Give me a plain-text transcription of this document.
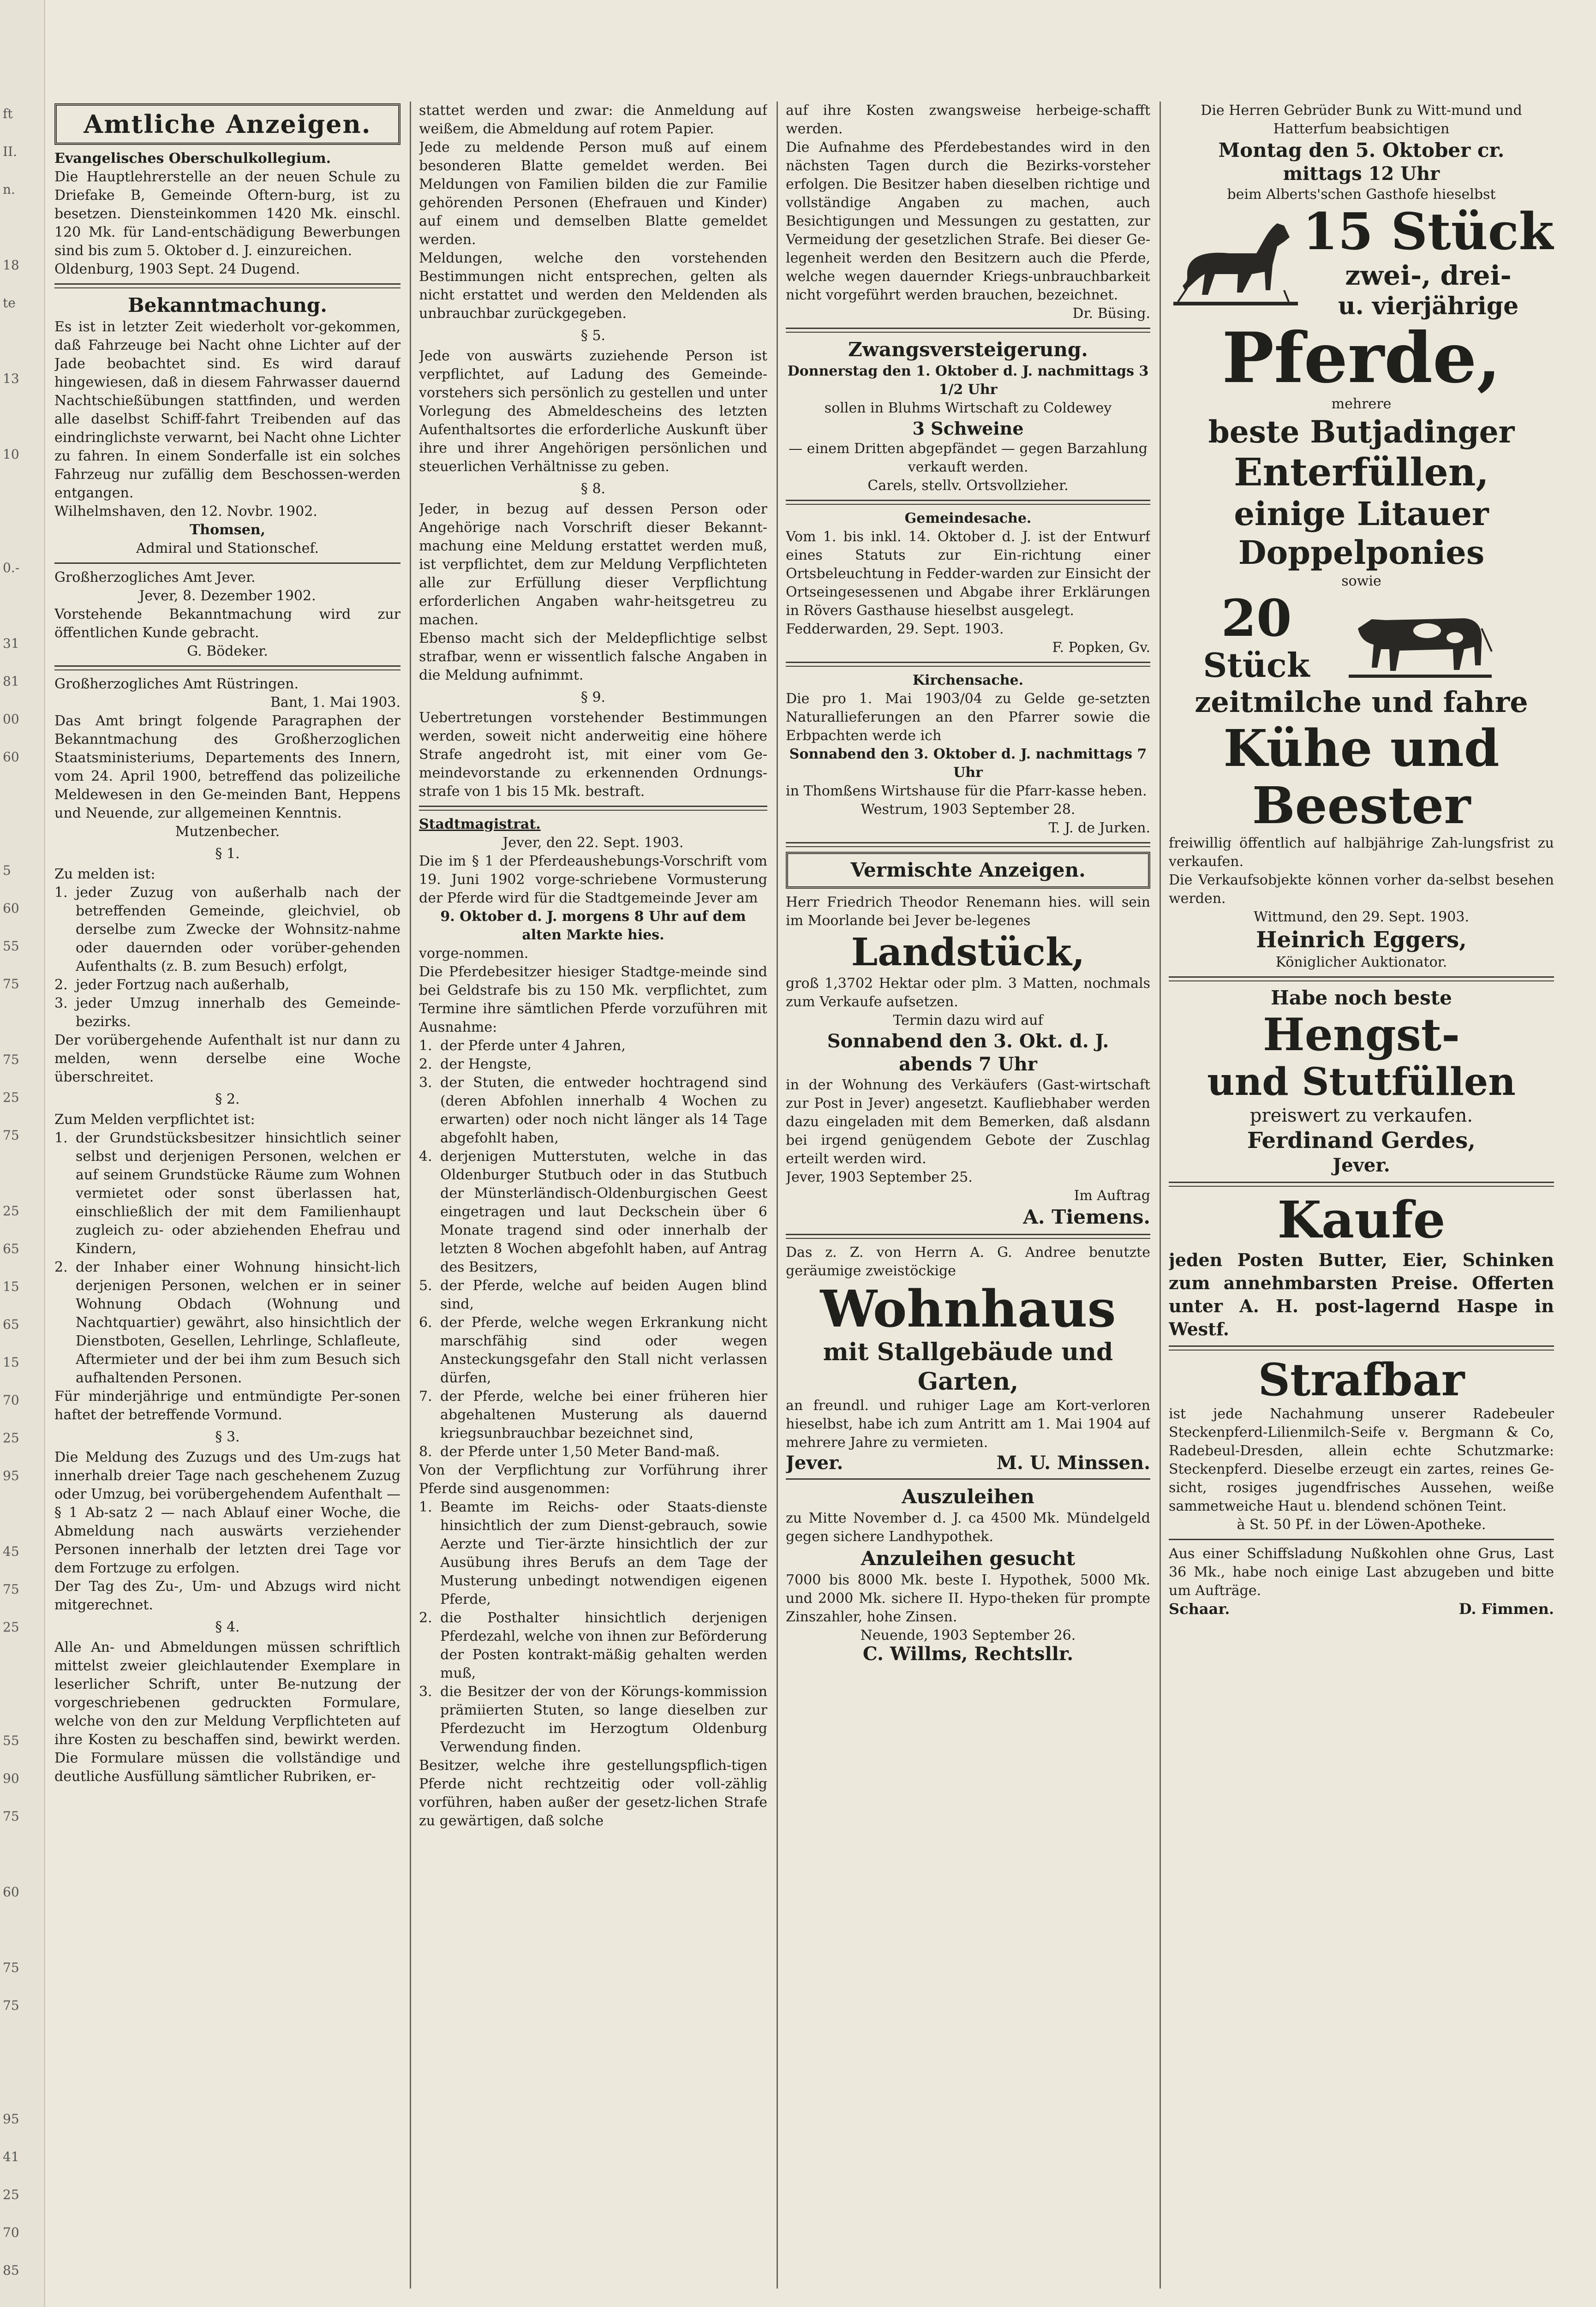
ft
II.
n.
18
te
13
10
0.-
31
81
00
60
5
60
55
75
75
25
75
25
65
15
65
15
70
25
95
45
75
25
55
90
75
60
75
75
95
41
25
70
85
Amtliche Anzeigen.

Evangelisches Oberschulkollegium.

Die Hauptlehrerstelle an der neuen Schule zu Driefake B, Gemeinde Oftern-burg, ist zu besetzen. Diensteinkommen 1420 Mk. einschl. 120 Mk. für Land-entschädigung Bewerbungen sind bis zum 5. Oktober d. J. einzureichen.

Oldenburg, 1903 Sept. 24 Dugend.

Bekanntmachung.

Es ist in letzter Zeit wiederholt vor-gekommen, daß Fahrzeuge bei Nacht ohne Lichter auf der Jade beobachtet sind. Es wird darauf hingewiesen, daß in diesem Fahrwasser dauernd Nachtschießübungen stattfinden, und werden alle daselbst Schiff-fahrt Treibenden auf das eindringlichste verwarnt, bei Nacht ohne Lichter zu fahren. In einem Sonderfalle ist ein solches Fahrzeug nur zufällig dem Beschossen-werden entgangen.

Wilhelmshaven, den 12. Novbr. 1902.

Thomsen,

Admiral und Stationschef.

Großherzogliches Amt Jever.

Jever, 8. Dezember 1902.

Vorstehende Bekanntmachung wird zur öffentlichen Kunde gebracht.

G. Bödeker.

Großherzogliches Amt Rüstringen.

Bant, 1. Mai 1903.

Das Amt bringt folgende Paragraphen der Bekanntmachung des Großherzoglichen Staatsministeriums, Departements des Innern, vom 24. April 1900, betreffend das polizeiliche Meldewesen in den Ge-meinden Bant, Heppens und Neuende, zur allgemeinen Kenntnis.

Mutzenbecher.

§ 1.

Zu melden ist:

1. jeder Zuzug von außerhalb nach der betreffenden Gemeinde, gleichviel, ob derselbe zum Zwecke der Wohnsitz-nahme oder dauernden oder vorüber-gehenden Aufenthalts (z. B. zum Besuch) erfolgt,
2. jeder Fortzug nach außerhalb,
3. jeder Umzug innerhalb des Gemeinde-bezirks.

Der vorübergehende Aufenthalt ist nur dann zu melden, wenn derselbe eine Woche überschreitet.

§ 2.

Zum Melden verpflichtet ist:

1. der Grundstücksbesitzer hinsichtlich seiner selbst und derjenigen Personen, welchen er auf seinem Grundstücke Räume zum Wohnen vermietet oder sonst überlassen hat, einschließlich der mit dem Familienhaupt zugleich zu- oder abziehenden Ehefrau und Kindern,
2. der Inhaber einer Wohnung hinsicht-lich derjenigen Personen, welchen er in seiner Wohnung Obdach (Wohnung und Nachtquartier) gewährt, also hinsichtlich der Dienstboten, Gesellen, Lehrlinge, Schlafleute, Aftermieter und der bei ihm zum Besuch sich aufhaltenden Personen.

Für minderjährige und entmündigte Per-sonen haftet der betreffende Vormund.

§ 3.

Die Meldung des Zuzugs und des Um-zugs hat innerhalb dreier Tage nach geschehenem Zuzug oder Umzug, bei vorübergehendem Aufenthalt — § 1 Ab-satz 2 — nach Ablauf einer Woche, die Abmeldung nach auswärts verziehender Personen innerhalb der letzten drei Tage vor dem Fortzuge zu erfolgen.

Der Tag des Zu-, Um- und Abzugs wird nicht mitgerechnet.

§ 4.

Alle An- und Abmeldungen müssen schriftlich mittelst zweier gleichlautender Exemplare in leserlicher Schrift, unter Be-nutzung der vorgeschriebenen gedruckten Formulare, welche von den zur Meldung Verpflichteten auf ihre Kosten zu beschaffen sind, bewirkt werden. Die Formulare müssen die vollständige und deutliche Ausfüllung sämtlicher Rubriken, er-

stattet werden und zwar: die Anmeldung auf weißem, die Abmeldung auf rotem Papier.

Jede zu meldende Person muß auf einem besonderen Blatte gemeldet werden. Bei Meldungen von Familien bilden die zur Familie gehörenden Personen (Ehefrauen und Kinder) auf einem und demselben Blatte gemeldet werden.

Meldungen, welche den vorstehenden Bestimmungen nicht entsprechen, gelten als nicht erstattet und werden den Meldenden als unbrauchbar zurückgegeben.

§ 5.

Jede von auswärts zuziehende Person ist verpflichtet, auf Ladung des Gemeinde-vorstehers sich persönlich zu gestellen und unter Vorlegung des Abmeldescheins des letzten Aufenthaltsortes die erforderliche Auskunft über ihre und ihrer Angehörigen persönlichen und steuerlichen Verhältnisse zu geben.

§ 8.

Jeder, in bezug auf dessen Person oder Angehörige nach Vorschrift dieser Bekannt-machung eine Meldung erstattet werden muß, ist verpflichtet, dem zur Meldung Verpflichteten alle zur Erfüllung dieser Verpflichtung erforderlichen Angaben wahr-heitsgetreu zu machen.

Ebenso macht sich der Meldepflichtige selbst strafbar, wenn er wissentlich falsche Angaben in die Meldung aufnimmt.

§ 9.

Uebertretungen vorstehender Bestimmungen werden, soweit nicht anderweitig eine höhere Strafe angedroht ist, mit einer vom Ge-meindevorstande zu erkennenden Ordnungs-strafe von 1 bis 15 Mk. bestraft.

Stadtmagistrat.

Jever, den 22. Sept. 1903.

Die im § 1 der Pferdeaushebungs-Vorschrift vom 19. Juni 1902 vorge-schriebene Vormusterung der Pferde wird für die Stadtgemeinde Jever am

9. Oktober d. J. morgens 8 Uhr auf dem alten Markte hies.

vorge-nommen.

Die Pferdebesitzer hiesiger Stadtge-meinde sind bei Geldstrafe bis zu 150 Mk. verpflichtet, zum Termine ihre sämtlichen Pferde vorzuführen mit Ausnahme:

1. der Pferde unter 4 Jahren,
2. der Hengste,
3. der Stuten, die entweder hochtragend sind (deren Abfohlen innerhalb 4 Wochen zu erwarten) oder noch nicht länger als 14 Tage abgefohlt haben,
4. derjenigen Mutterstuten, welche in das Oldenburger Stutbuch oder in das Stutbuch der Münsterländisch-Oldenburgischen Geest eingetragen und laut Deckschein über 6 Monate tragend sind oder innerhalb der letzten 8 Wochen abgefohlt haben, auf Antrag des Besitzers,
5. der Pferde, welche auf beiden Augen blind sind,
6. der Pferde, welche wegen Erkrankung nicht marschfähig sind oder wegen Ansteckungsgefahr den Stall nicht verlassen dürfen,
7. der Pferde, welche bei einer früheren hier abgehaltenen Musterung als dauernd kriegsunbrauchbar bezeichnet sind,
8. der Pferde unter 1,50 Meter Band-maß.

Von der Verpflichtung zur Vorführung ihrer Pferde sind ausgenommen:

1. Beamte im Reichs- oder Staats-dienste hinsichtlich der zum Dienst-gebrauch, sowie Aerzte und Tier-ärzte hinsichtlich der zur Ausübung ihres Berufs an dem Tage der Musterung unbedingt notwendigen eigenen Pferde,
2. die Posthalter hinsichtlich derjenigen Pferdezahl, welche von ihnen zur Beförderung der Posten kontrakt-mäßig gehalten werden muß,
3. die Besitzer der von der Körungs-kommission prämiierten Stuten, so lange dieselben zur Pferdezucht im Herzogtum Oldenburg Verwendung finden.

Besitzer, welche ihre gestellungspflich-tigen Pferde nicht rechtzeitig oder voll-zählig vorführen, haben außer der gesetz-lichen Strafe zu gewärtigen, daß solche

auf ihre Kosten zwangsweise herbeige-schafft werden.

Die Aufnahme des Pferdebestandes wird in den nächsten Tagen durch die Bezirks-vorsteher erfolgen. Die Besitzer haben dieselben richtige und vollständige Angaben zu machen, auch Besichtigungen und Messungen zu gestatten, zur Vermeidung der gesetzlichen Strafe. Bei dieser Ge-legenheit werden den Besitzern auch die Pferde, welche wegen dauernder Kriegs-unbrauchbarkeit nicht vorgeführt werden brauchen, bezeichnet.

Dr. Büsing.

Zwangsversteigerung.

Donnerstag den 1. Oktober d. J. nachmittags 3 1/2 Uhr

sollen in Bluhms Wirtschaft zu Coldewey

3 Schweine

— einem Dritten abgepfändet — gegen Barzahlung verkauft werden.

Carels, stellv. Ortsvollzieher.

Gemeindesache.

Vom 1. bis inkl. 14. Oktober d. J. ist der Entwurf eines Statuts zur Ein-richtung einer Ortsbeleuchtung in Fedder-warden zur Einsicht der Ortseingesessenen und Abgabe ihrer Erklärungen in Rövers Gasthause hieselbst ausgelegt.

Fedderwarden, 29. Sept. 1903.

F. Popken, Gv.

Kirchensache.

Die pro 1. Mai 1903/04 zu Gelde ge-setzten Naturallieferungen an den Pfarrer sowie die Erbpachten werde ich

Sonnabend den 3. Oktober d. J. nachmittags 7 Uhr

in Thomßens Wirtshause für die Pfarr-kasse heben.

Westrum, 1903 September 28.

T. J. de Jurken.

Vermischte Anzeigen.

Herr Friedrich Theodor Renemann hies. will sein im Moorlande bei Jever be-legenes

Landstück,

groß 1,3702 Hektar oder plm. 3 Matten, nochmals zum Verkaufe aufsetzen.

Termin dazu wird auf

Sonnabend den 3. Okt. d. J.

abends 7 Uhr

in der Wohnung des Verkäufers (Gast-wirtschaft zur Post in Jever) angesetzt. Kaufliebhaber werden dazu eingeladen mit dem Bemerken, daß alsdann bei irgend genügendem Gebote der Zuschlag erteilt werden wird.

Jever, 1903 September 25.

Im Auftrag

A. Tiemens.

Das z. Z. von Herrn A. G. Andree benutzte geräumige zweistöckige

Wohnhaus
mit Stallgebäude und Garten,

an freundl. und ruhiger Lage am Kort-verloren hieselbst, habe ich zum Antritt am 1. Mai 1904 auf mehrere Jahre zu vermieten.

Jever.	M. U. Minssen.
Auszuleihen

zu Mitte November d. J. ca 4500 Mk. Mündelgeld gegen sichere Landhypothek.

Anzuleihen gesucht

7000 bis 8000 Mk. beste I. Hypothek, 5000 Mk. und 2000 Mk. sichere II. Hypo-theken für prompte Zinszahler, hohe Zinsen.

Neuende, 1903 September 26.

C. Willms, Rechtsllr.

Die Herren Gebrüder Bunk zu Witt-mund und Hatterfum beabsichtigen

Montag den 5. Oktober cr.

mittags 12 Uhr

beim Alberts'schen Gasthofe hieselbst

15 Stück
zwei-, drei-
u. vierjährige
Pferde,

mehrere

beste Butjadinger
Enterfüllen,
einige Litauer
Doppelponies

sowie

20
Stück
zeitmilche und fahre
Kühe und
Beester

freiwillig öffentlich auf halbjährige Zah-lungsfrist zu verkaufen.

Die Verkaufsobjekte können vorher da-selbst besehen werden.

Wittmund, den 29. Sept. 1903.

Heinrich Eggers,

Königlicher Auktionator.

Habe noch beste

Hengst-
und Stutfüllen

preiswert zu verkaufen.

Ferdinand Gerdes,

Jever.

Kaufe

jeden Posten Butter, Eier, Schinken zum annehmbarsten Preise. Offerten unter A. H. post-lagernd Haspe in Westf.

Strafbar

ist jede Nachahmung unserer Radebeuler Steckenpferd-Lilienmilch-Seife v. Bergmann & Co, Radebeul-Dresden, allein echte Schutzmarke: Steckenpferd. Dieselbe erzeugt ein zartes, reines Ge-sicht, rosiges jugendfrisches Aussehen, weiße sammetweiche Haut u. blendend schönen Teint.

à St. 50 Pf. in der Löwen-Apotheke.

Aus einer Schiffsladung Nußkohlen ohne Grus, Last 36 Mk., habe noch einige Last abzugeben und bitte um Aufträge.

Schaar.	D. Fimmen.
